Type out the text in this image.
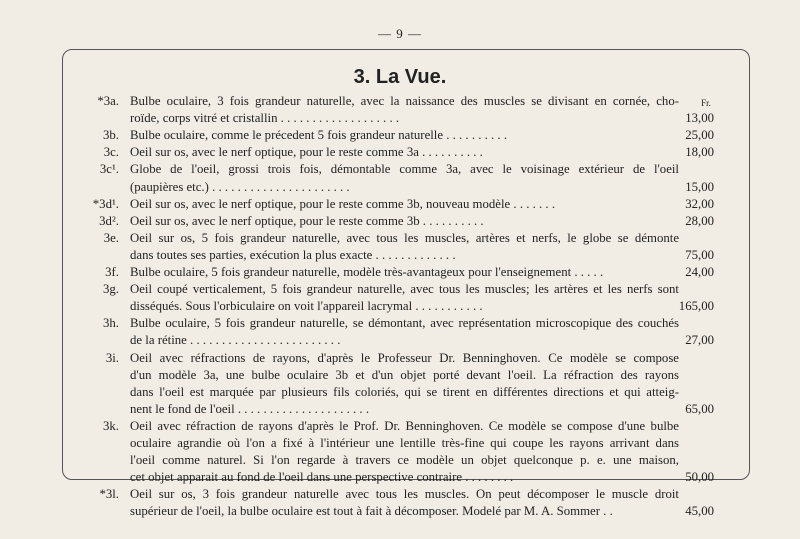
— 9 —
3. La Vue.
Fr.
*3a. Bulbe oculaire, 3 fois grandeur naturelle, avec la naissance des muscles se divisant en cornée, cho-
roïde, corps vitré et cristallin . . . . . . . . . . . . . . . . . . .	13,00
3b. Bulbe oculaire, comme le précedent 5 fois grandeur naturelle . . . . . . . . . .	25,00
3c. Oeil sur os, avec le nerf optique, pour le reste comme 3a . . . . . . . . . .	18,00
3c¹. Globe de l'oeil, grossi trois fois, démontable comme 3a, avec le voisinage extérieur de l'oeil
(paupières etc.) . . . . . . . . . . . . . . . . . . . . . .	15,00
*3d¹. Oeil sur os, avec le nerf optique, pour le reste comme 3b, nouveau modèle . . . . . . .	32,00
3d². Oeil sur os, avec le nerf optique, pour le reste comme 3b . . . . . . . . . .	28,00
3e. Oeil sur os, 5 fois grandeur naturelle, avec tous les muscles, artères et nerfs, le globe se démonte
dans toutes ses parties, exécution la plus exacte . . . . . . . . . . . . .	75,00
3f. Bulbe oculaire, 5 fois grandeur naturelle, modèle très-avantageux pour l'enseignement . . . . .	24,00
3g. Oeil coupé verticalement, 5 fois grandeur naturelle, avec tous les muscles; les artères et les nerfs sont
disséqués. Sous l'orbiculaire on voit l'appareil lacrymal . . . . . . . . . . .	165,00
3h. Bulbe oculaire, 5 fois grandeur naturelle, se démontant, avec représentation microscopique des couchés
de la rétine . . . . . . . . . . . . . . . . . . . . . . . .	27,00
3i. Oeil avec réfractions de rayons, d'après le Professeur Dr. Benninghoven. Ce modèle se compose
d'un modèle 3a, une bulbe oculaire 3b et d'un objet porté devant l'oeil. La réfraction des rayons
dans l'oeil est marquée par plusieurs fils coloriés, qui se tirent en différentes directions et qui atteig-
nent le fond de l'oeil . . . . . . . . . . . . . . . . . . . . .	65,00
3k. Oeil avec réfraction de rayons d'après le Prof. Dr. Benninghoven. Ce modèle se compose d'une bulbe
oculaire agrandie où l'on a fixé à l'intérieur une lentille très-fine qui coupe les rayons arrivant dans
l'oeil comme naturel. Si l'on regarde à travers ce modèle un objet quelconque p. e. une maison,
cet objet apparait au fond de l'oeil dans une perspective contraire . . . . . . . .	50,00
*3l. Oeil sur os, 3 fois grandeur naturelle avec tous les muscles. On peut décomposer le muscle droit
supérieur de l'oeil, la bulbe oculaire est tout à fait à décomposer. Modelé par M. A. Sommer . .	45,00
